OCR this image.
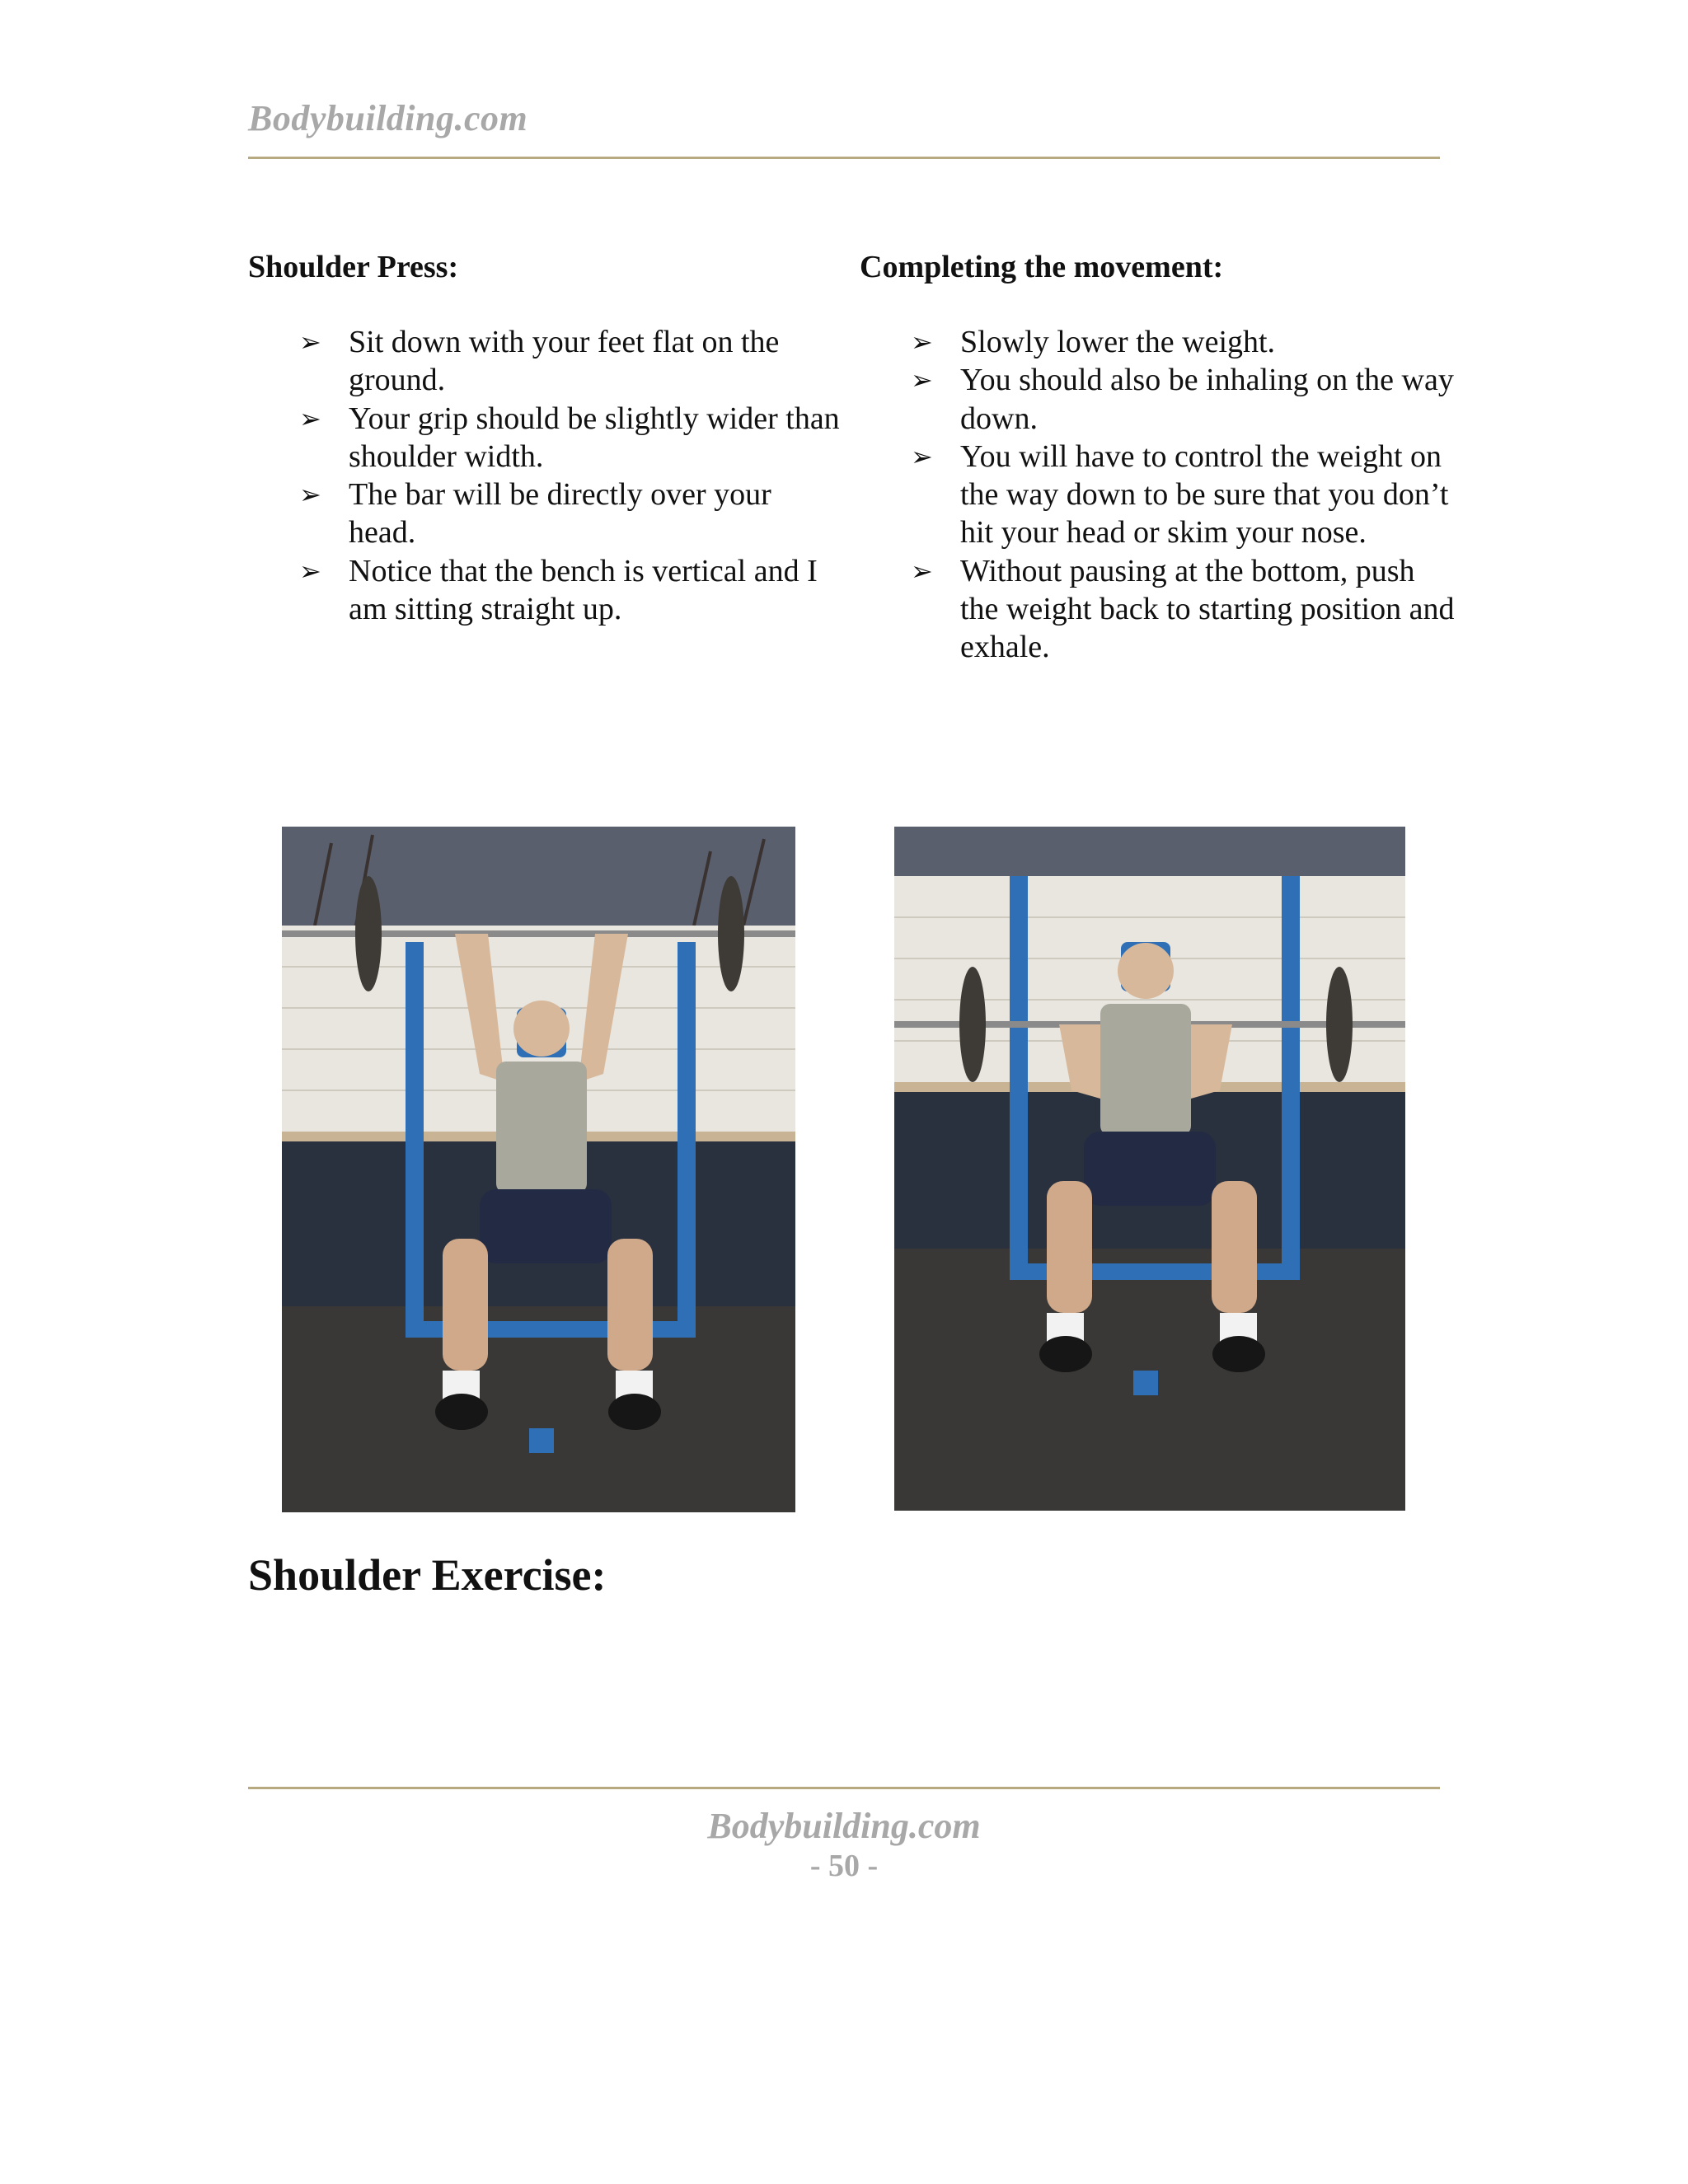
Bodybuilding.com
Shoulder Press:
➢ Sit down with your feet flat on the ground.
➢ Your grip should be slightly wider than shoulder width.
➢ The bar will be directly over your head.
➢ Notice that the bench is vertical and I am sitting straight up.
Completing the movement:
➢ Slowly lower the weight.
➢ You should also be inhaling on the way down.
➢ You will have to control the weight on the way down to be sure that you don’t hit your head or skim your nose.
➢ Without pausing at the bottom, push the weight back to starting position and exhale.
Shoulder Exercise:
Bodybuilding.com
- 50 -
